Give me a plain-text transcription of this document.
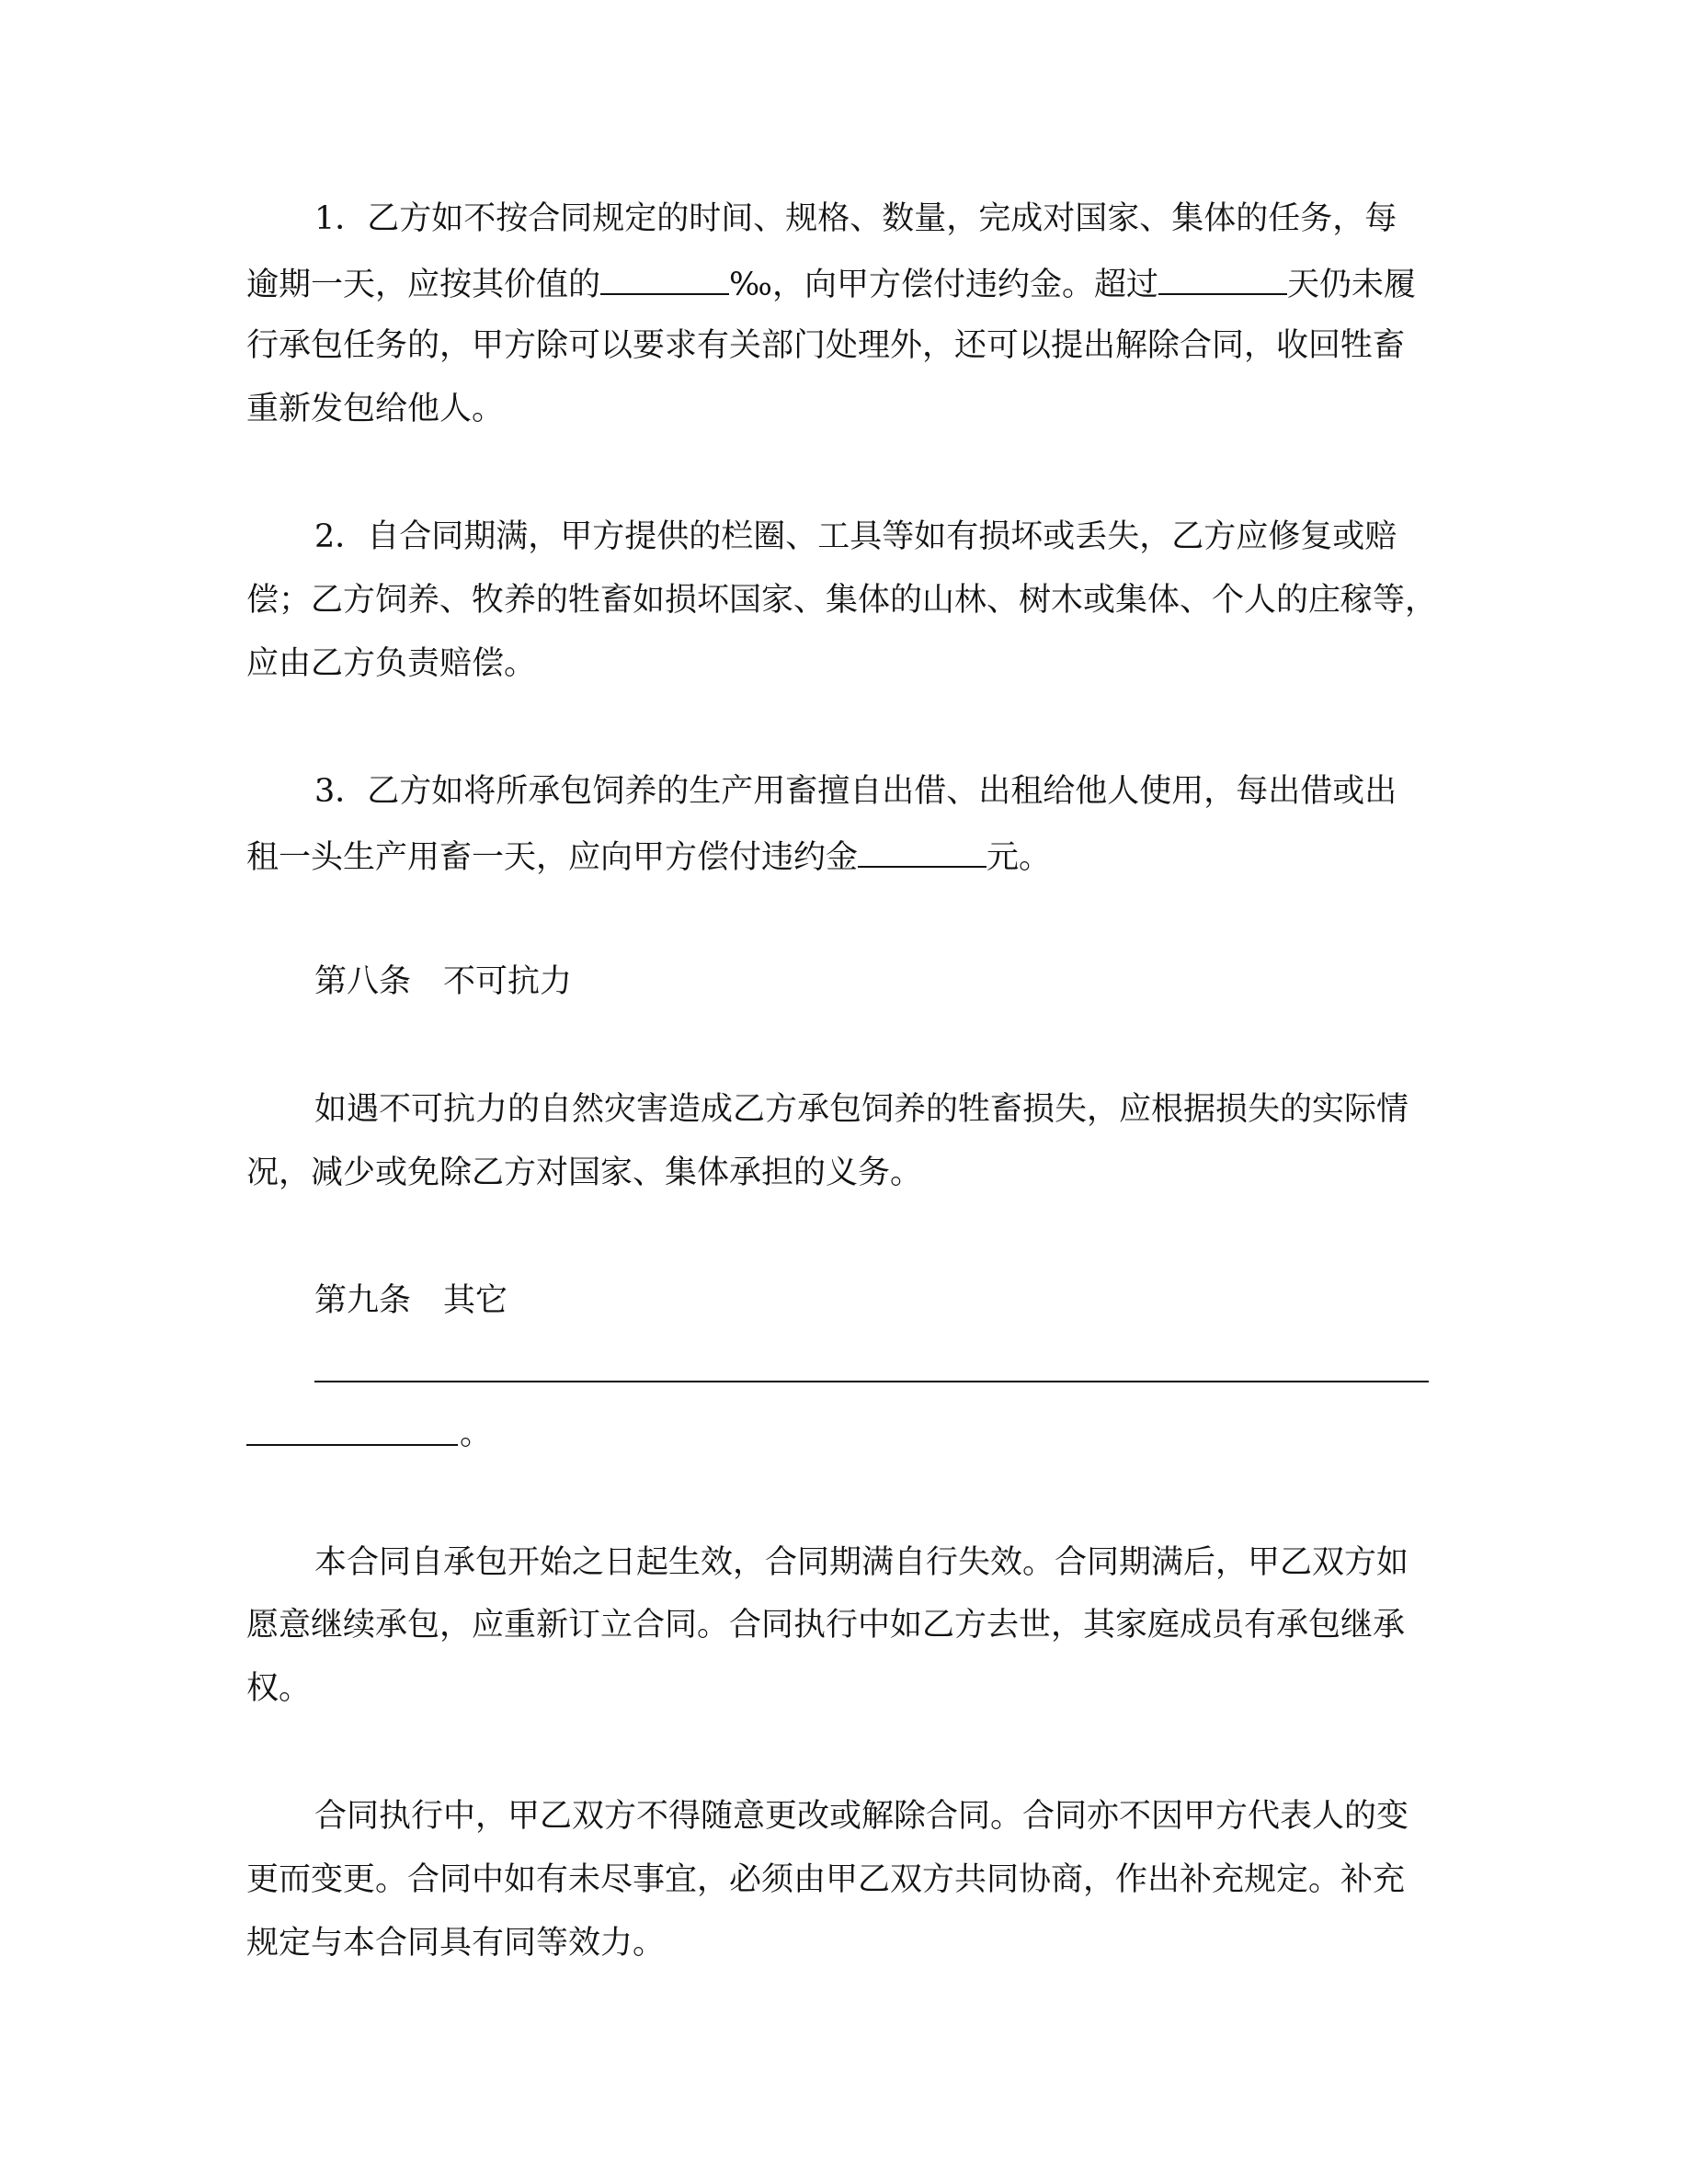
1．乙方如不按合同规定的时间、规格、数量，完成对国家、集体的任务，每
逾期一天，应按其价值的	‰，向甲方偿付违约金。超过	天仍未履
行承包任务的，甲方除可以要求有关部门处理外，还可以提出解除合同，收回牲畜
重新发包给他人。
2．自合同期满，甲方提供的栏圈、工具等如有损坏或丢失，乙方应修复或赔
偿；乙方饲养、牧养的牲畜如损坏国家、集体的山林、树木或集体、个人的庄稼等，
应由乙方负责赔偿。
3．乙方如将所承包饲养的生产用畜擅自出借、出租给他人使用，每出借或出
租一头生产用畜一天，应向甲方偿付违约金	元。
第八条　不可抗力
如遇不可抗力的自然灾害造成乙方承包饲养的牲畜损失，应根据损失的实际情
况，减少或免除乙方对国家、集体承担的义务。
第九条　其它
。
本合同自承包开始之日起生效，合同期满自行失效。合同期满后，甲乙双方如
愿意继续承包，应重新订立合同。合同执行中如乙方去世，其家庭成员有承包继承
权。
合同执行中，甲乙双方不得随意更改或解除合同。合同亦不因甲方代表人的变
更而变更。合同中如有未尽事宜，必须由甲乙双方共同协商，作出补充规定。补充
规定与本合同具有同等效力。
